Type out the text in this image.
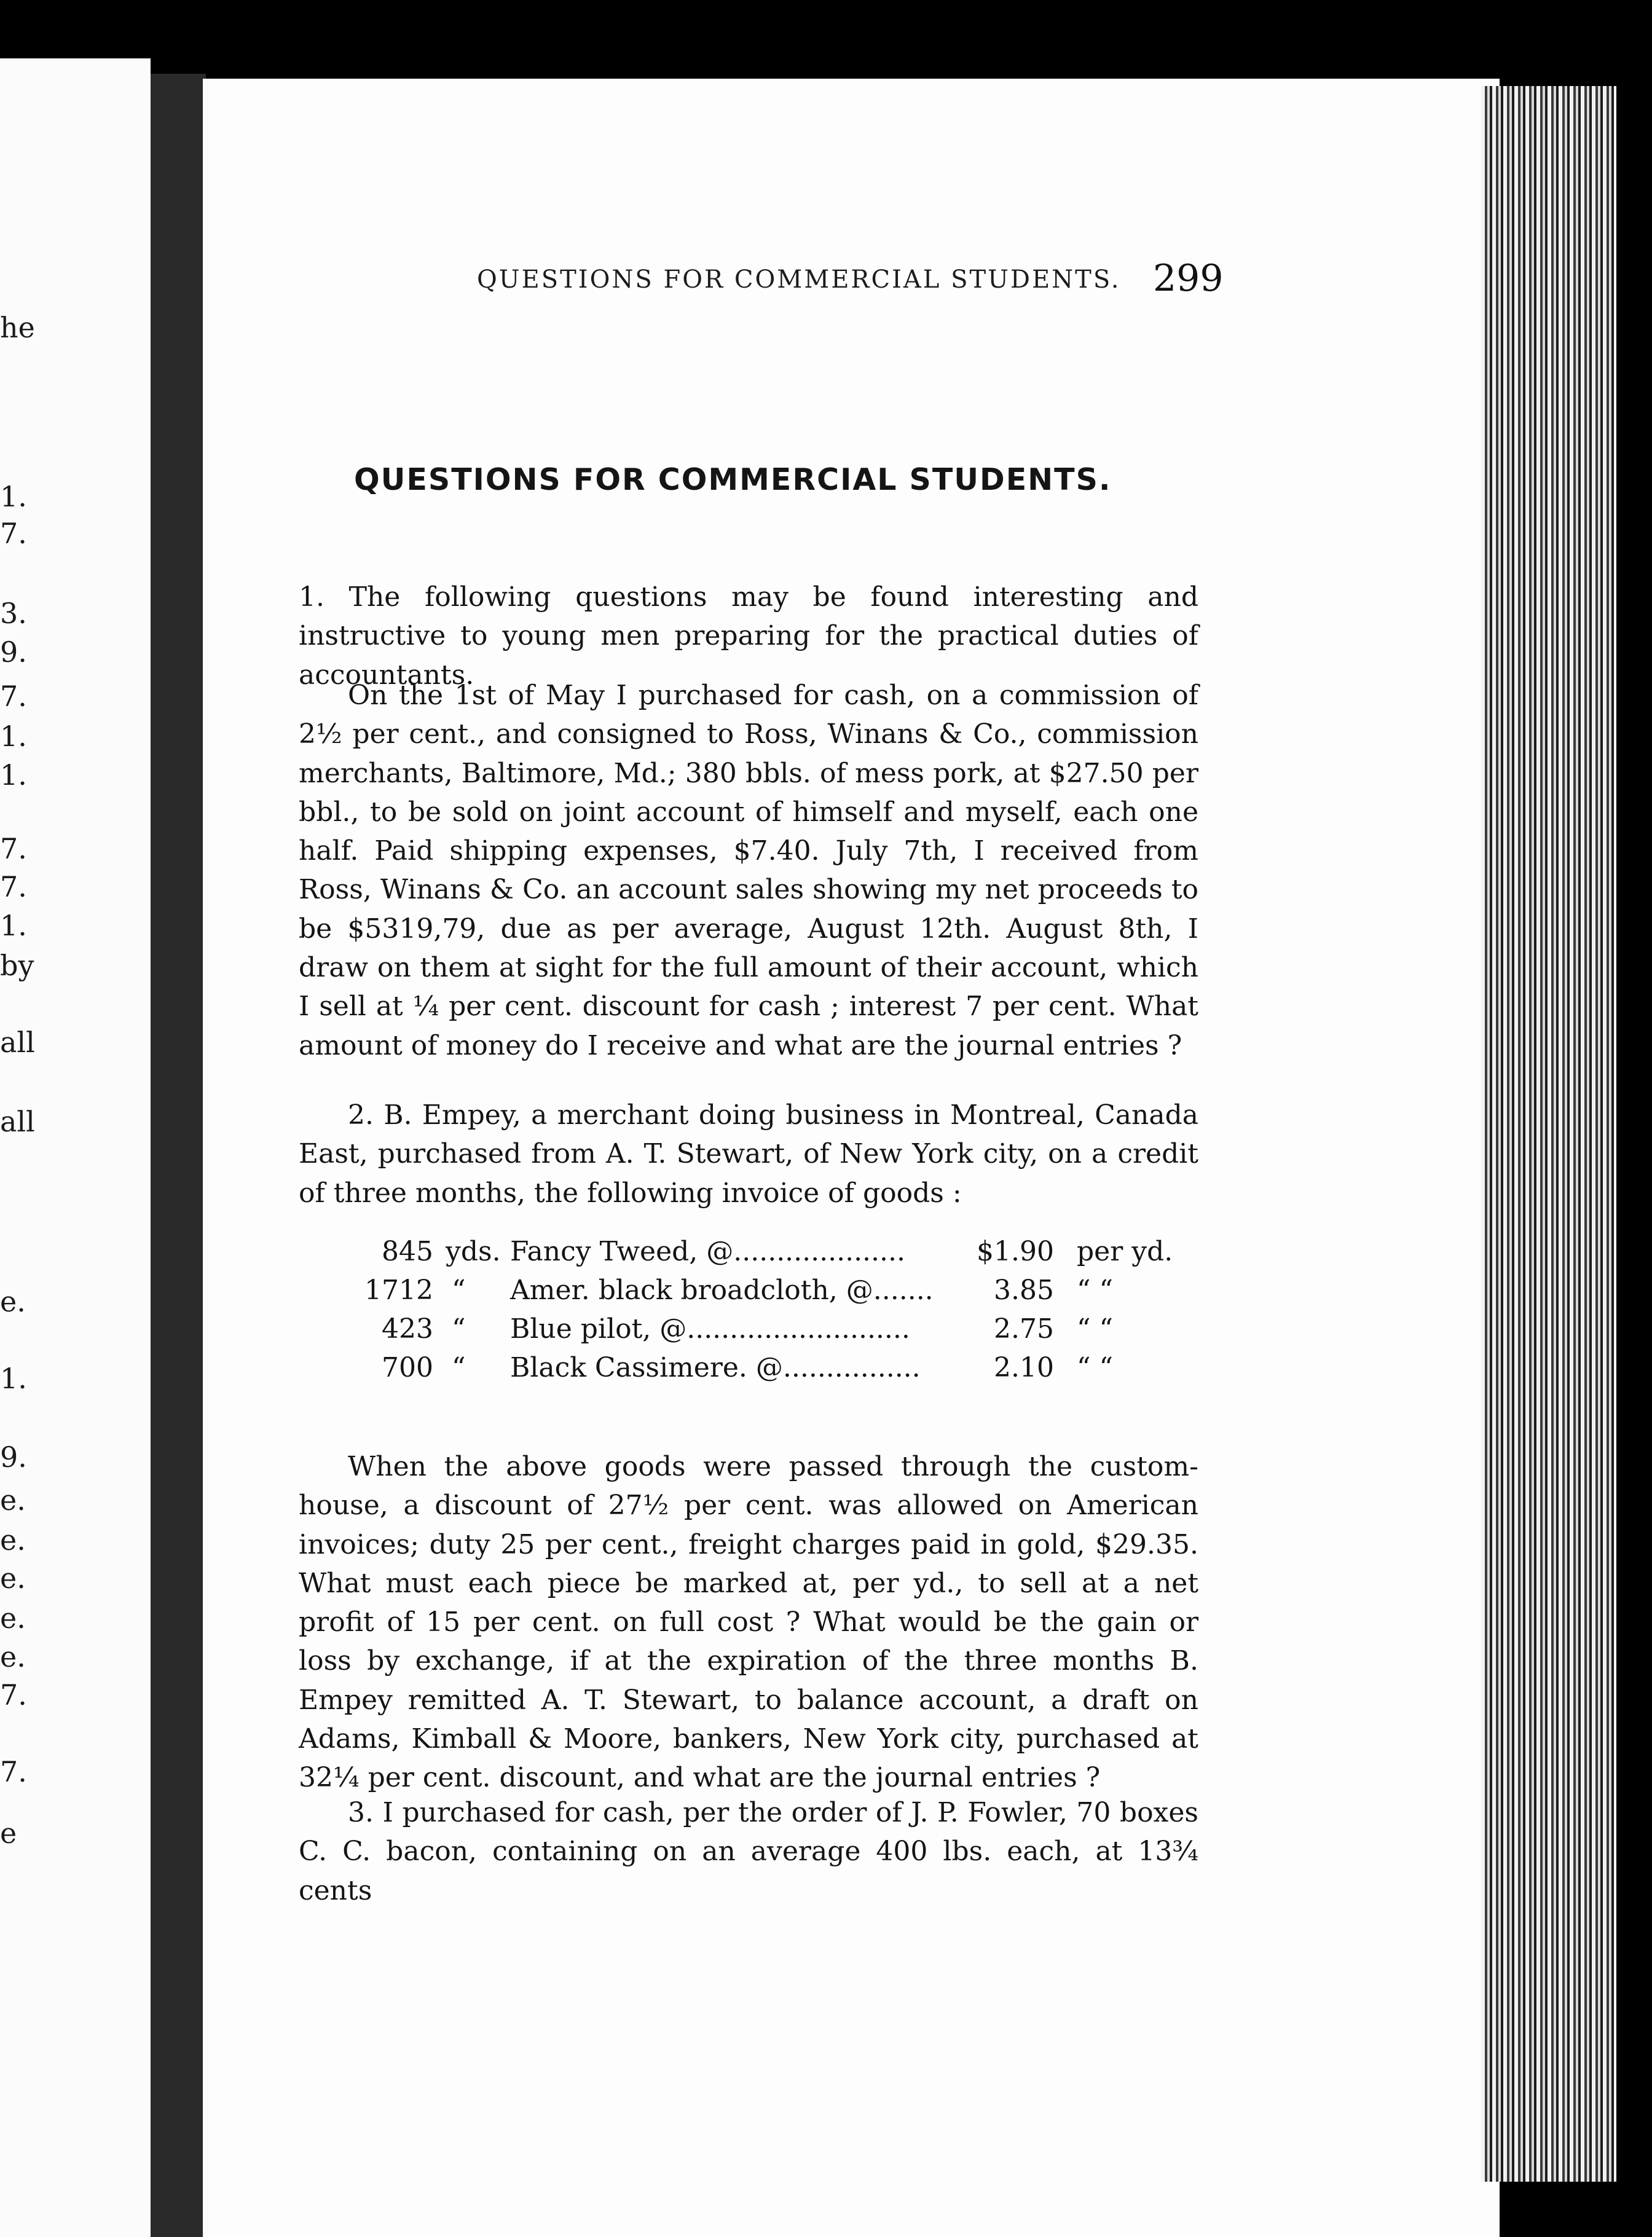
he
1.
7.
3.
9.
7.
1.
1.
7.
7.
1.
by
all
all
e.
1.
9.
e.
e.
e.
e.
e.
7.
7.
e
QUESTIONS FOR COMMERCIAL STUDENTS. 299
QUESTIONS FOR COMMERCIAL STUDENTS.
1. The following questions may be found interesting and instructive to young men preparing for the practical duties of accountants.
On the 1st of May I purchased for cash, on a commission of 2½ per cent., and consigned to Ross, Winans & Co., commission merchants, Baltimore, Md.; 380 bbls. of mess pork, at $27.50 per bbl., to be sold on joint account of himself and myself, each one half. Paid shipping expenses, $7.40. July 7th, I received from Ross, Winans & Co. an account sales showing my net proceeds to be $5319,79, due as per average, August 12th. August 8th, I draw on them at sight for the full amount of their account, which I sell at ¼ per cent. discount for cash ; interest 7 per cent. What amount of money do I receive and what are the journal entries ?
2. B. Empey, a merchant doing business in Montreal, Canada East, purchased from A. T. Stewart, of New York city, on a credit of three months, the following invoice of goods :
845 yds. Fancy Tweed, @....................	$1.90 per yd.
1712 “ Amer. black broadcloth, @.......	3.85 “ “
423 “ Blue pilot, @..........................	2.75 “ “
700 “ Black Cassimere. @................	2.10 “ “
When the above goods were passed through the custom-house, a discount of 27½ per cent. was allowed on American invoices; duty 25 per cent., freight charges paid in gold, $29.35. What must each piece be marked at, per yd., to sell at a net profit of 15 per cent. on full cost ? What would be the gain or loss by exchange, if at the expiration of the three months B. Empey remitted A. T. Stewart, to balance account, a draft on Adams, Kimball & Moore, bankers, New York city, purchased at 32¼ per cent. discount, and what are the journal entries ?
3. I purchased for cash, per the order of J. P. Fowler, 70 boxes C. C. bacon, containing on an average 400 lbs. each, at 13¾ cents
